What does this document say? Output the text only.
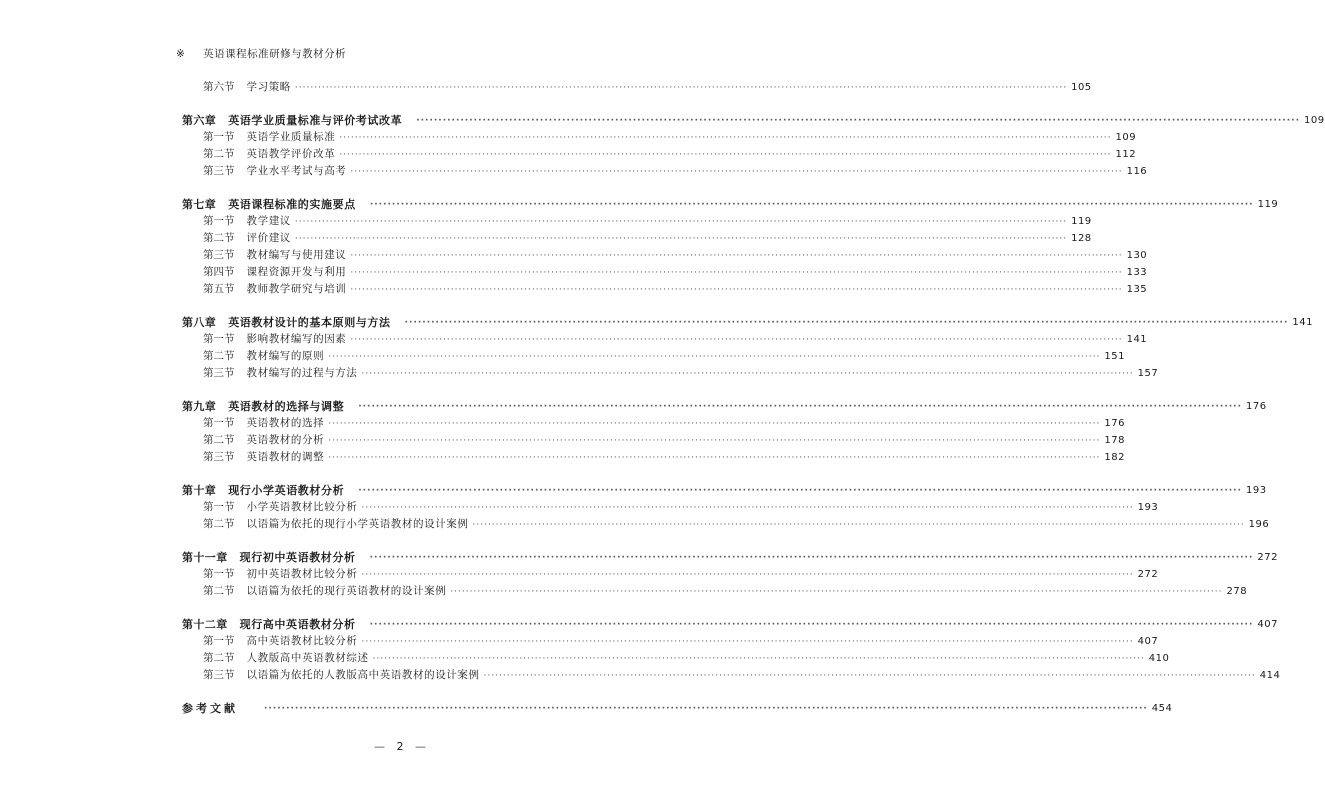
※ 英语课程标准研修与教材分析
第六节 学习策略 ········································································································································································································ 105
第六章 英语学业质量标准与评价考试改革 ········································································································································································································ 109
第一节 英语学业质量标准 ········································································································································································································ 109
第二节 英语教学评价改革 ········································································································································································································ 112
第三节 学业水平考试与高考 ········································································································································································································ 116
第七章 英语课程标准的实施要点 ········································································································································································································ 119
第一节 教学建议 ········································································································································································································ 119
第二节 评价建议 ········································································································································································································ 128
第三节 教材编写与使用建议 ········································································································································································································ 130
第四节 课程资源开发与利用 ········································································································································································································ 133
第五节 教师教学研究与培训 ········································································································································································································ 135
第八章 英语教材设计的基本原则与方法 ········································································································································································································ 141
第一节 影响教材编写的因素 ········································································································································································································ 141
第二节 教材编写的原则 ········································································································································································································ 151
第三节 教材编写的过程与方法 ········································································································································································································ 157
第九章 英语教材的选择与调整 ········································································································································································································ 176
第一节 英语教材的选择 ········································································································································································································ 176
第二节 英语教材的分析 ········································································································································································································ 178
第三节 英语教材的调整 ········································································································································································································ 182
第十章 现行小学英语教材分析 ········································································································································································································ 193
第一节 小学英语教材比较分析 ········································································································································································································ 193
第二节 以语篇为依托的现行小学英语教材的设计案例 ········································································································································································································ 196
第十一章 现行初中英语教材分析 ········································································································································································································ 272
第一节 初中英语教材比较分析 ········································································································································································································ 272
第二节 以语篇为依托的现行英语教材的设计案例 ········································································································································································································ 278
第十二章 现行高中英语教材分析 ········································································································································································································ 407
第一节 高中英语教材比较分析 ········································································································································································································ 407
第二节 人教版高中英语教材综述 ········································································································································································································ 410
第三节 以语篇为依托的人教版高中英语教材的设计案例 ········································································································································································································ 414
参考文献	········································································································································································································ 454
— 2 —
